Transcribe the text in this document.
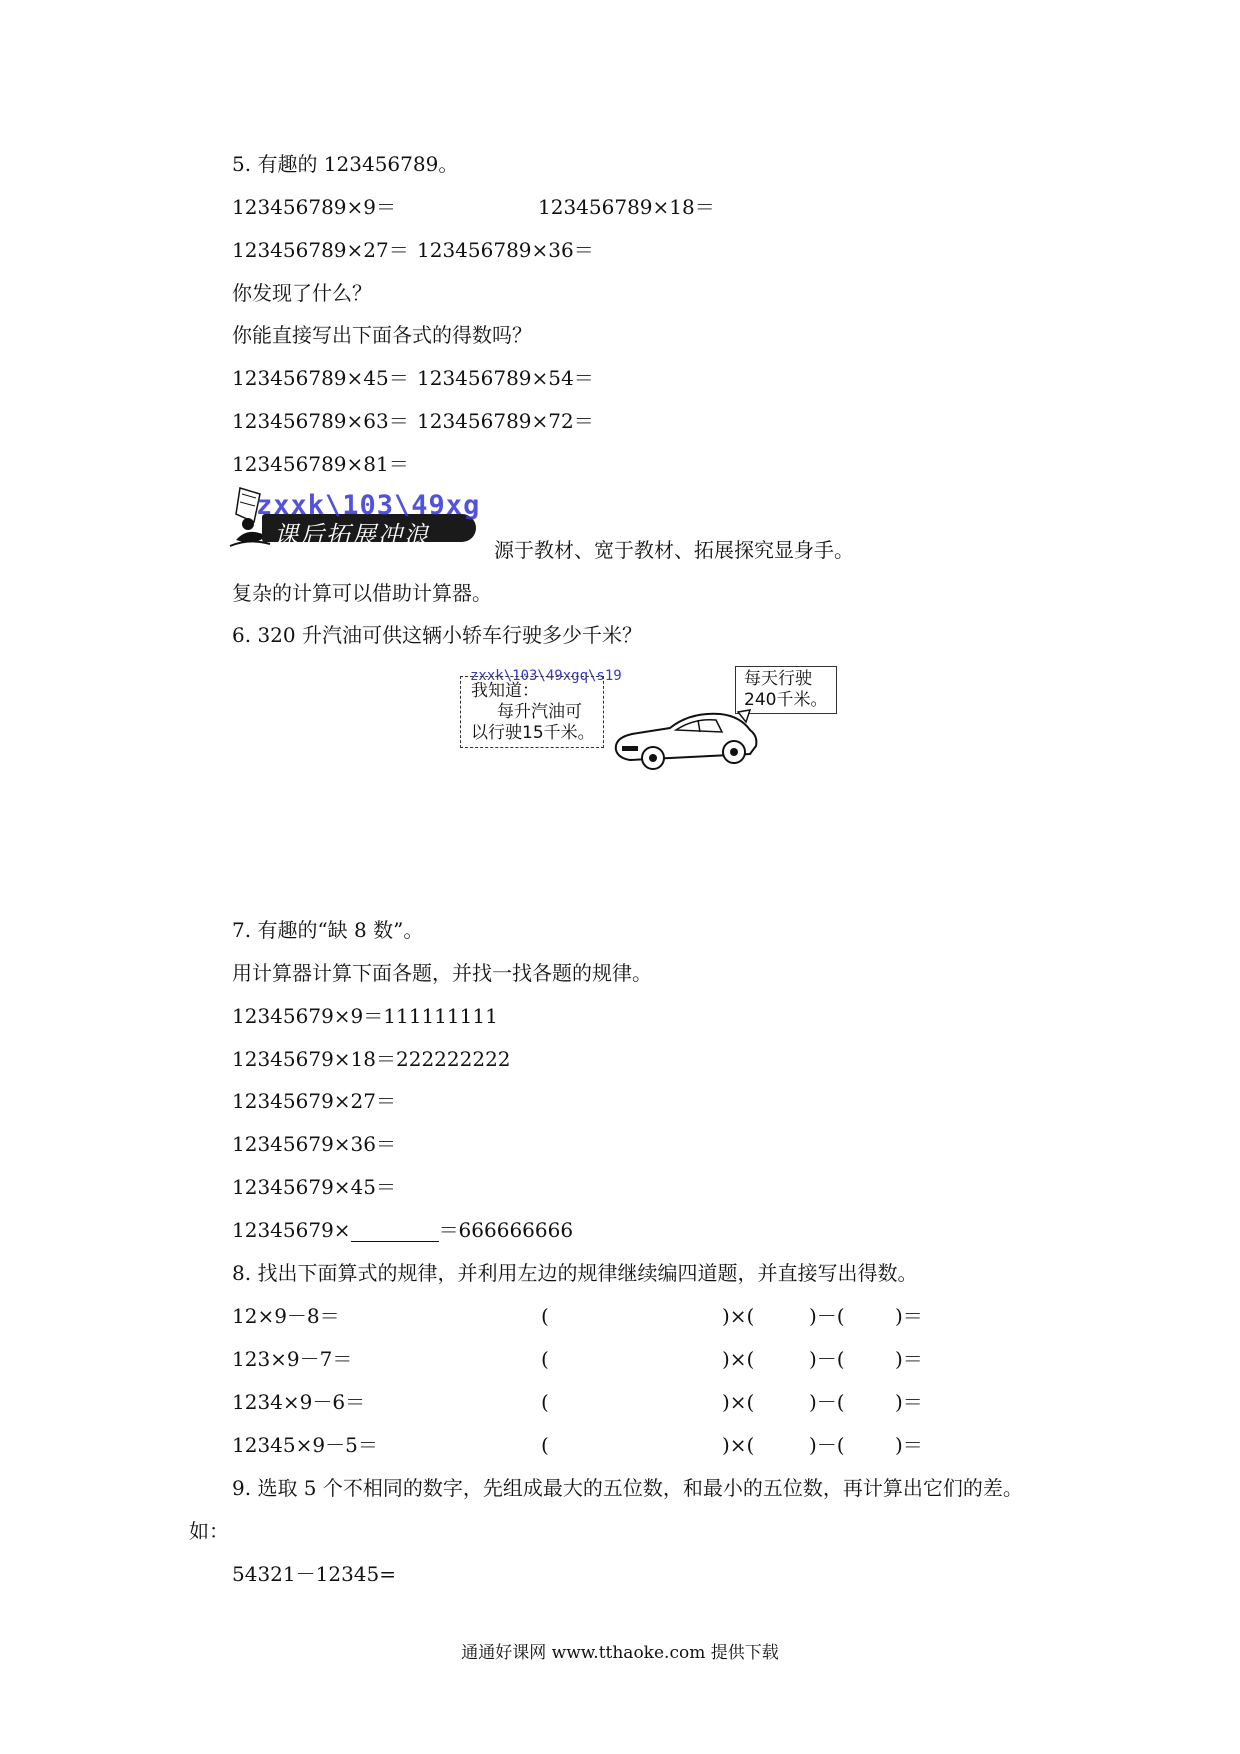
5. 有趣的 123456789。
123456789×9＝	123456789×18＝
123456789×27＝ 123456789×36＝
你发现了什么？
你能直接写出下面各式的得数吗？
123456789×45＝ 123456789×54＝
123456789×63＝ 123456789×72＝
123456789×81＝
课后拓展冲浪
zxxk\103\49xg
源于教材、宽于教材、拓展探究显身手。
复杂的计算可以借助计算器。
6. 320 升汽油可供这辆小轿车行驶多少千米？
zxxk\103\49xgq\s19
我知道：
每升汽油可
以行驶15千米。
每天行驶
240千米。
7. 有趣的“缺 8 数”。
用计算器计算下面各题，并找一找各题的规律。
12345679×9＝111111111
12345679×18＝222222222
12345679×27＝
12345679×36＝
12345679×45＝
12345679×	＝666666666
8. 找出下面算式的规律，并利用左边的规律继续编四道题，并直接写出得数。
12×9－8＝	(	)×(	)－(	)＝
123×9－7＝	(	)×(	)－(	)＝
1234×9－6＝	(	)×(	)－(	)＝
12345×9－5＝	(	)×(	)－(	)＝
9. 选取 5 个不相同的数字，先组成最大的五位数，和最小的五位数，再计算出它们的差。
如：
54321－12345=
通通好课网 www.tthaoke.com 提供下载
